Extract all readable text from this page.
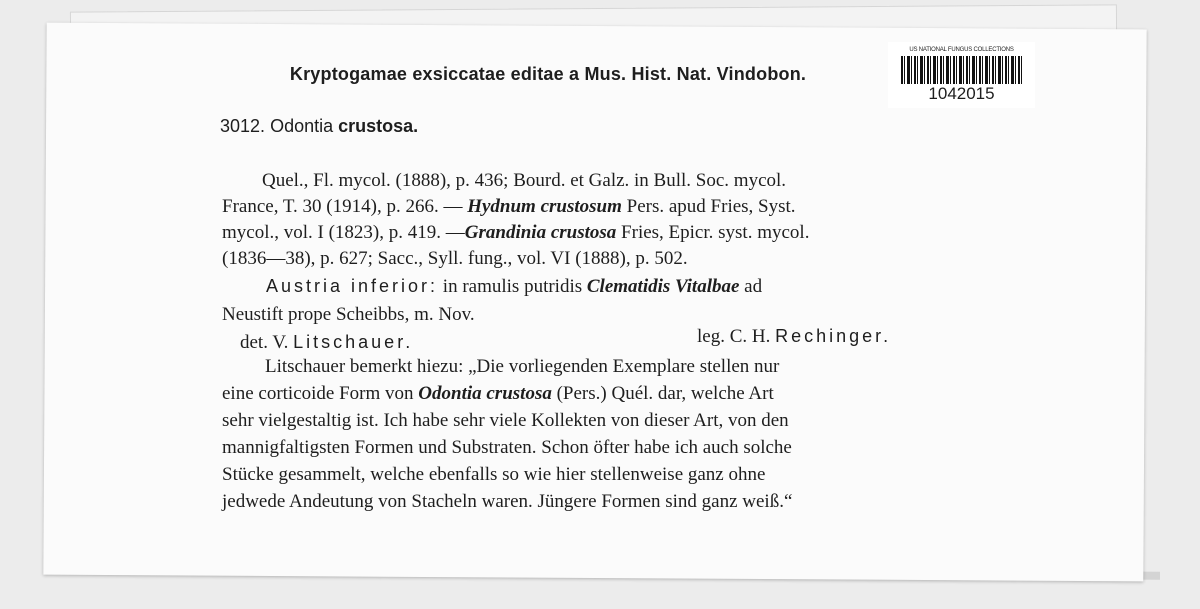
Kryptogamae exsiccatae editae a Mus. Hist. Nat. Vindobon.
US NATIONAL FUNGUS COLLECTIONS
1042015
3012. Odontia crustosa.
Quel., Fl. mycol. (1888), p. 436; Bourd. et Galz. in Bull. Soc. mycol.
France, T. 30 (1914), p. 266. — Hydnum crustosum Pers. apud Fries, Syst.
mycol., vol. I (1823), p. 419. —Grandinia crustosa Fries, Epicr. syst. mycol.
(1836—38), p. 627; Sacc., Syll. fung., vol. VI (1888), p. 502.
Austria inferior: in ramulis putridis Clematidis Vitalbae ad
Neustift prope Scheibbs, m. Nov.
det. V. Litschauer.	leg. C. H. Rechinger.
Litschauer bemerkt hiezu: „Die vorliegenden Exemplare stellen nur
eine corticoide Form von Odontia crustosa (Pers.) Quél. dar, welche Art
sehr vielgestaltig ist. Ich habe sehr viele Kollekten von dieser Art, von den
mannigfaltigsten Formen und Substraten. Schon öfter habe ich auch solche
Stücke gesammelt, welche ebenfalls so wie hier stellenweise ganz ohne
jedwede Andeutung von Stacheln waren. Jüngere Formen sind ganz weiß.“
